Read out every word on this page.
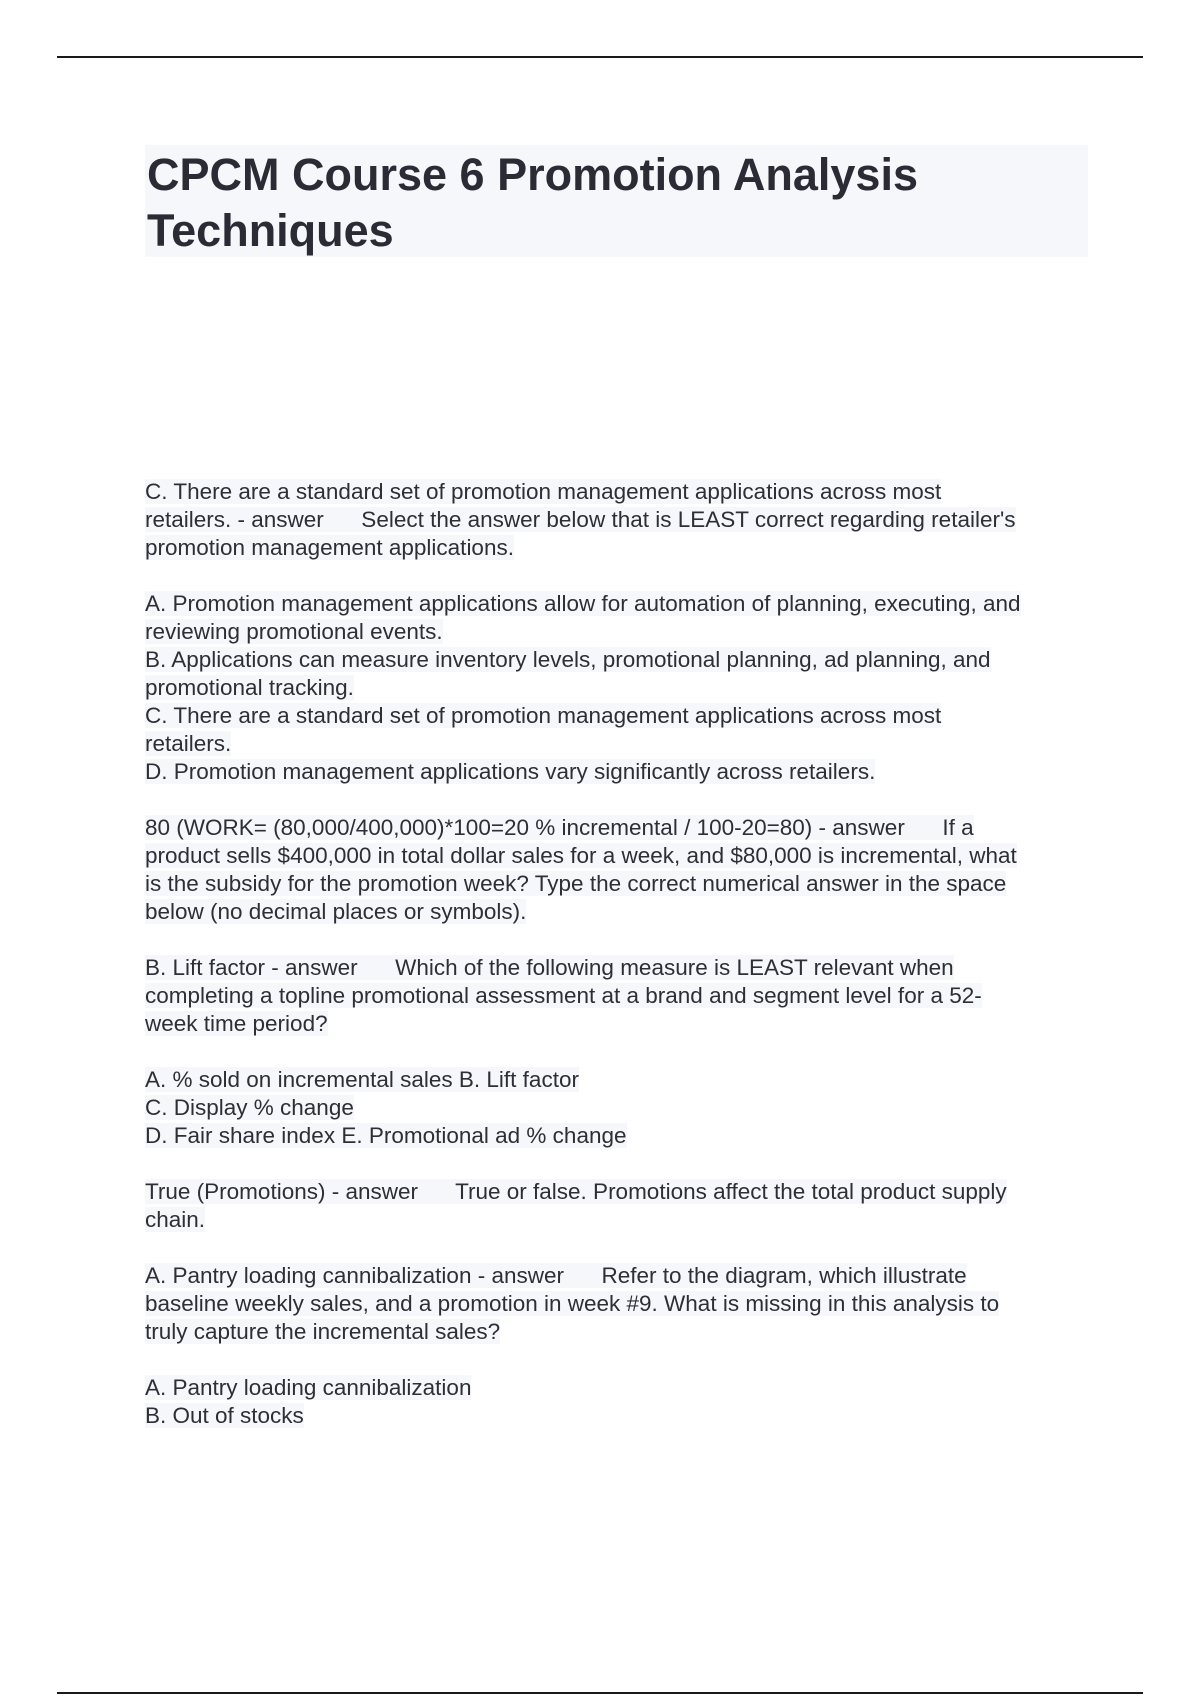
CPCM Course 6 Promotion Analysis
Techniques
C. There are a standard set of promotion management applications across most
retailers. - answer      Select the answer below that is LEAST correct regarding retailer's
promotion management applications.
A. Promotion management applications allow for automation of planning, executing, and
reviewing promotional events.
B. Applications can measure inventory levels, promotional planning, ad planning, and
promotional tracking.
C. There are a standard set of promotion management applications across most
retailers.
D. Promotion management applications vary significantly across retailers.
80 (WORK= (80,000/400,000)*100=20 % incremental / 100-20=80) - answer      If a
product sells $400,000 in total dollar sales for a week, and $80,000 is incremental, what
is the subsidy for the promotion week? Type the correct numerical answer in the space
below (no decimal places or symbols).
B. Lift factor - answer      Which of the following measure is LEAST relevant when
completing a topline promotional assessment at a brand and segment level for a 52-
week time period?
A. % sold on incremental sales B. Lift factor
C. Display % change
D. Fair share index E. Promotional ad % change
True (Promotions) - answer      True or false. Promotions affect the total product supply
chain.
A. Pantry loading cannibalization - answer      Refer to the diagram, which illustrate
baseline weekly sales, and a promotion in week #9. What is missing in this analysis to
truly capture the incremental sales?
A. Pantry loading cannibalization
B. Out of stocks
